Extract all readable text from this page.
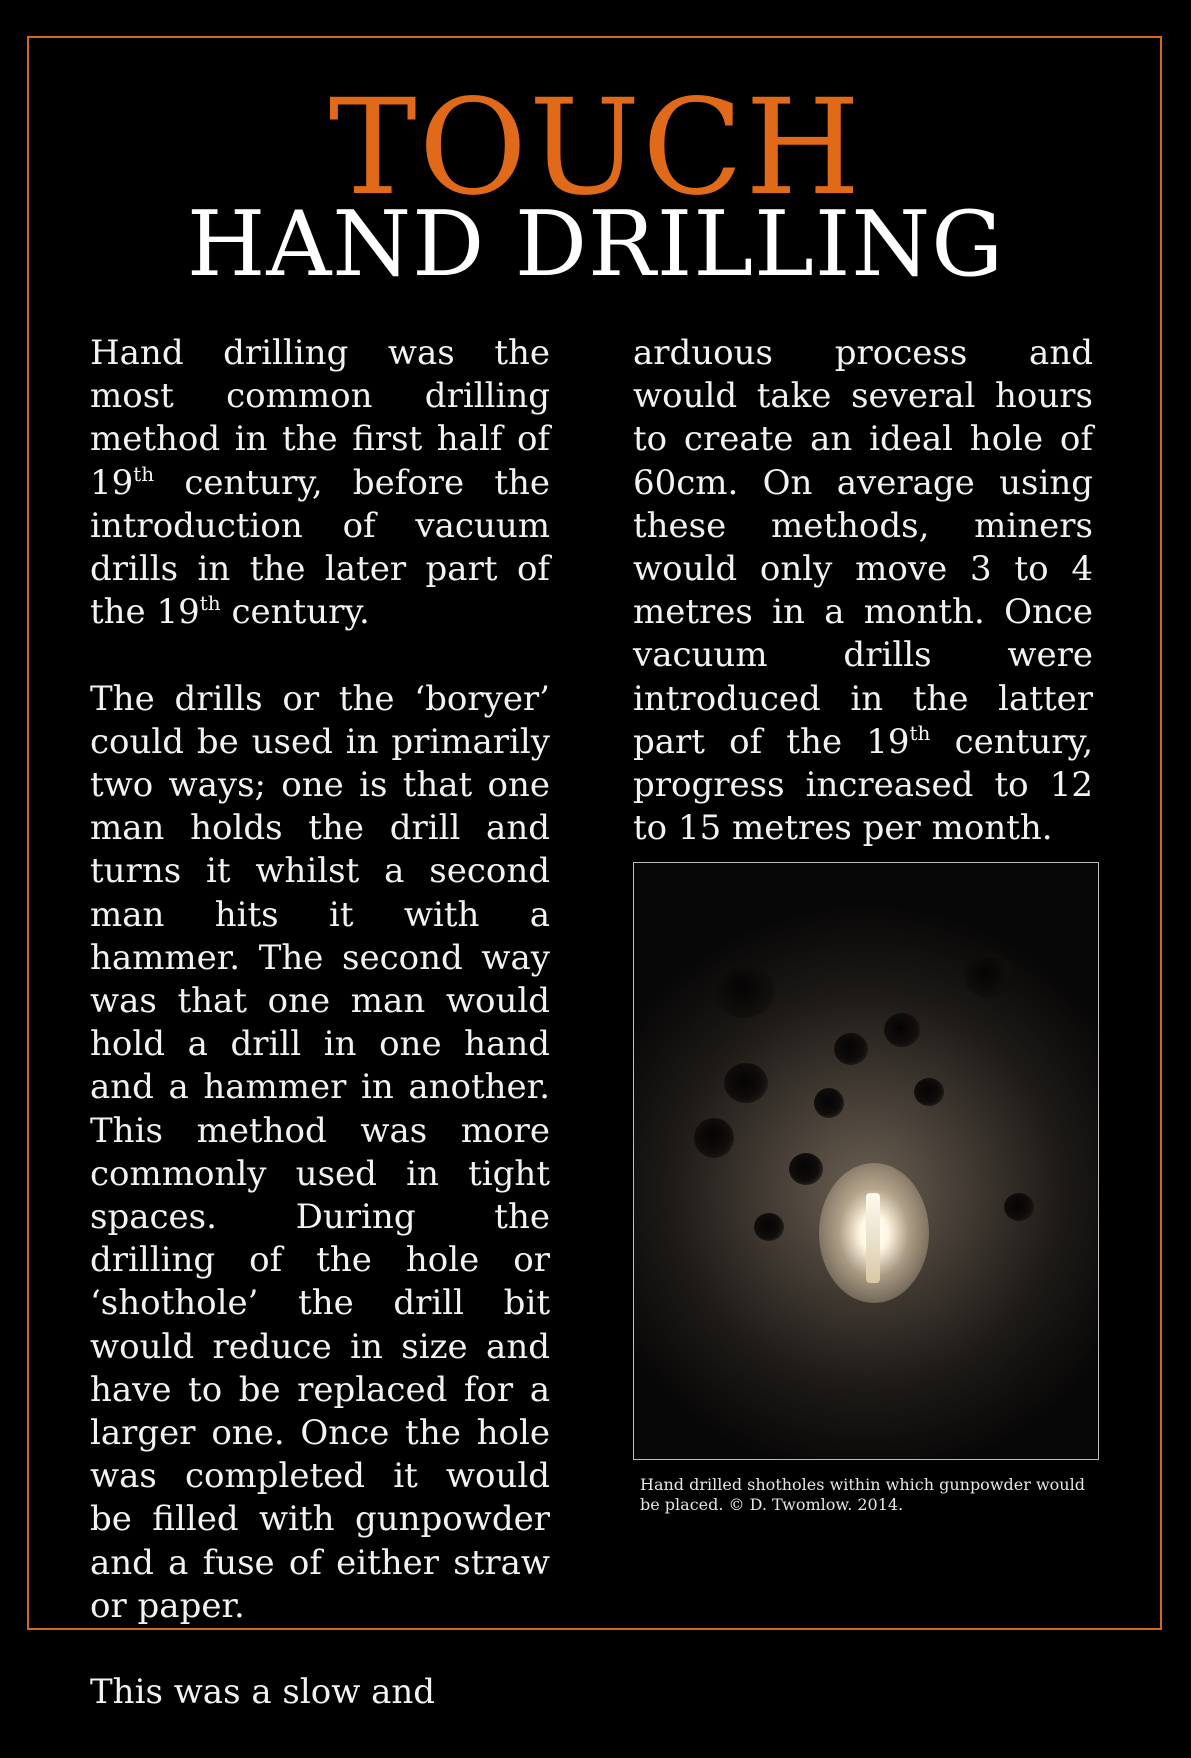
TOUCH
HAND DRILLING

Hand drilling was the most common drilling method in the first half of 19th century, before the introduction of vacuum drills in the later part of the 19th century.

The drills or the ‘boryer’ could be used in primarily two ways; one is that one man holds the drill and turns it whilst a second man hits it with a hammer. The second way was that one man would hold a drill in one hand and a hammer in another. This method was more commonly used in tight spaces. During the drilling of the hole or ‘shothole’ the drill bit would reduce in size and have to be replaced for a larger one. Once the hole was completed it would be filled with gunpowder and a fuse of either straw or paper.

This was a slow and

arduous process and would take several hours to create an ideal hole of 60cm. On average using these methods, miners would only move 3 to 4 metres in a month. Once vacuum drills were introduced in the latter part of the 19th century, progress increased to 12 to 15 metres per month.

Hand drilled shotholes within which gunpowder would be placed. © D. Twomlow. 2014.
